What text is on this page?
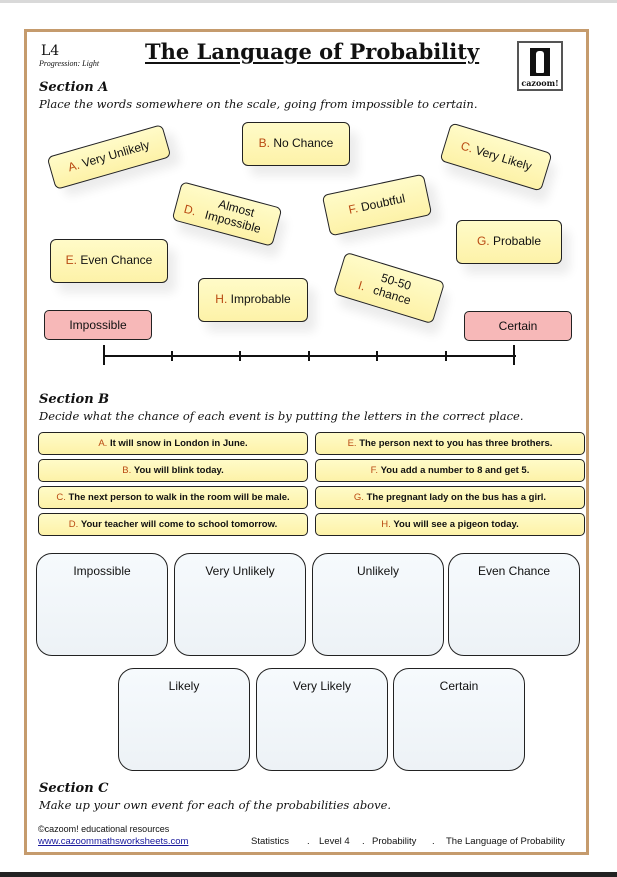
L4
Progression: Light The Language of Probability
cazoom!
Section A
Place the words somewhere on the scale, going from impossible to certain.
A. Very Unlikely	B. No Chance	C. Very Likely
D. Almost Impossible
E. Even Chance
F. Doubtful
G. Probable
H. Improbable
I. 50-50 chance
Impossible	Certain
Section B
Decide what the chance of each event is by putting the letters in the correct place.
A.
It will snow in London in June.
B.
You will blink today.
C.
The next person to walk in the room will be male.
D.
Your teacher will come to school tomorrow.
E.
The person next to you has three brothers.
F.
You add a number to 8 and get 5.
G.
The pregnant lady on the bus has a girl.
H.
You will see a pigeon today.
Impossible	Very Unlikely	Unlikely	Even Chance
Likely	Very Likely	Certain
Section C
Make up your own event for each of the probabilities above.
©cazoom! educational resources
www.cazoommathsworksheets.com	Statistics . Level 4 . Probability . The Language of Probability
